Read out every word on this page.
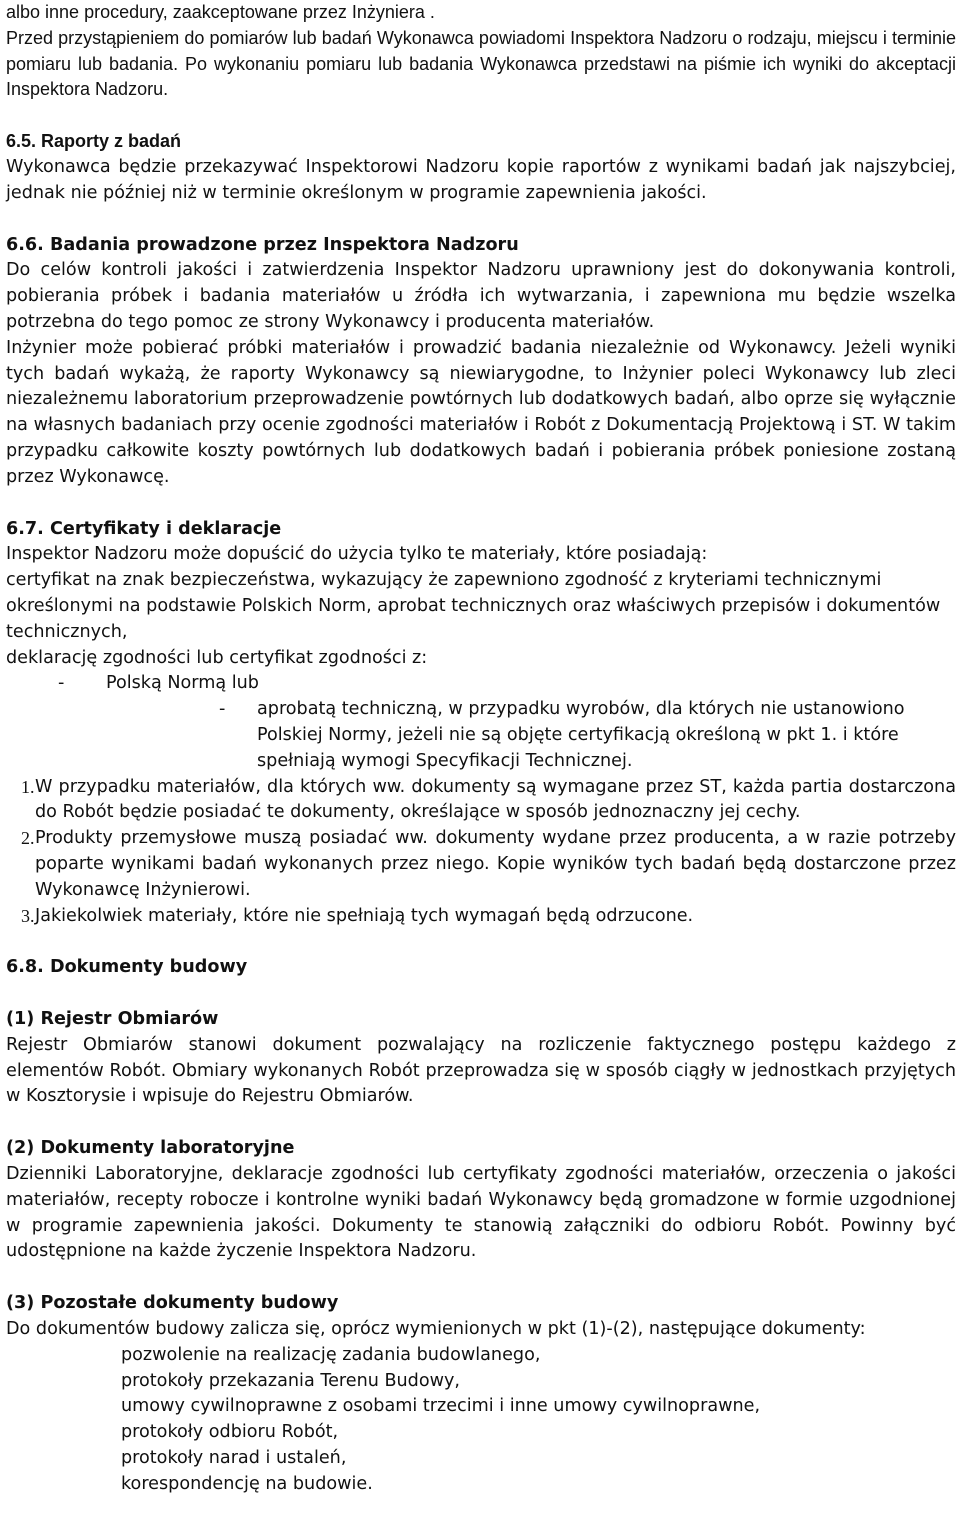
albo inne procedury, zaakceptowane przez Inżyniera .

Przed przystąpieniem do pomiarów lub badań Wykonawca powiadomi Inspektora Nadzoru o rodzaju, miejscu i terminie pomiaru lub badania. Po wykonaniu pomiaru lub badania Wykonawca przedstawi na piśmie ich wyniki do akceptacji Inspektora Nadzoru.

6.5. Raporty z badań

Wykonawca będzie przekazywać Inspektorowi Nadzoru kopie raportów z wynikami badań jak najszybciej, jednak nie później niż w terminie określonym w programie zapewnienia jakości.

6.6. Badania prowadzone przez Inspektora Nadzoru

Do celów kontroli jakości i zatwierdzenia Inspektor Nadzoru uprawniony jest do dokonywania kontroli, pobierania próbek i badania materiałów u źródła ich wytwarzania, i zapewniona mu będzie wszelka potrzebna do tego pomoc ze strony Wykonawcy i producenta materiałów.

Inżynier może pobierać próbki materiałów i prowadzić badania niezależnie od Wykonawcy. Jeżeli wyniki tych badań wykażą, że raporty Wykonawcy są niewiarygodne, to Inżynier poleci Wykonawcy lub zleci niezależnemu laboratorium przeprowadzenie powtórnych lub dodatkowych badań, albo oprze się wyłącznie na własnych badaniach przy ocenie zgodności materiałów i Robót z Dokumentacją Projektową i ST. W takim przypadku całkowite koszty powtórnych lub dodatkowych badań i pobierania próbek poniesione zostaną przez Wykonawcę.

6.7. Certyfikaty i deklaracje

Inspektor Nadzoru może dopuścić do użycia tylko te materiały, które posiadają:

certyfikat na znak bezpieczeństwa, wykazujący że zapewniono zgodność z kryteriami technicznymi określonymi na podstawie Polskich Norm, aprobat technicznych oraz właściwych przepisów i dokumentów technicznych,

deklarację zgodności lub certyfikat zgodności z:

-	Polską Normą lub
-	aprobatą techniczną, w przypadku wyrobów, dla których nie ustanowiono Polskiej Normy, jeżeli nie są objęte certyfikacją określoną w pkt 1. i które spełniają wymogi Specyfikacji Technicznej.
1. W przypadku materiałów, dla których ww. dokumenty są wymagane przez ST, każda partia dostarczona do Robót będzie posiadać te dokumenty, określające w sposób jednoznaczny jej cechy.
2. Produkty przemysłowe muszą posiadać ww. dokumenty wydane przez producenta, a w razie potrzeby poparte wynikami badań wykonanych przez niego. Kopie wyników tych badań będą dostarczone przez Wykonawcę Inżynierowi.
3. Jakiekolwiek materiały, które nie spełniają tych wymagań będą odrzucone.

6.8. Dokumenty budowy

(1) Rejestr Obmiarów

Rejestr Obmiarów stanowi dokument pozwalający na rozliczenie faktycznego postępu każdego z elementów Robót. Obmiary wykonanych Robót przeprowadza się w sposób ciągły w jednostkach przyjętych w Kosztorysie i wpisuje do Rejestru Obmiarów.

(2) Dokumenty laboratoryjne

Dzienniki Laboratoryjne, deklaracje zgodności lub certyfikaty zgodności materiałów, orzeczenia o jakości materiałów, recepty robocze i kontrolne wyniki badań Wykonawcy będą gromadzone w formie uzgodnionej w programie zapewnienia jakości. Dokumenty te stanowią załączniki do odbioru Robót. Powinny być udostępnione na każde życzenie Inspektora Nadzoru.

(3) Pozostałe dokumenty budowy

Do dokumentów budowy zalicza się, oprócz wymienionych w pkt (1)-(2), następujące dokumenty:

pozwolenie na realizację zadania budowlanego,

protokoły przekazania Terenu Budowy,

umowy cywilnoprawne z osobami trzecimi i inne umowy cywilnoprawne,

protokoły odbioru Robót,

protokoły narad i ustaleń,

korespondencję na budowie.
